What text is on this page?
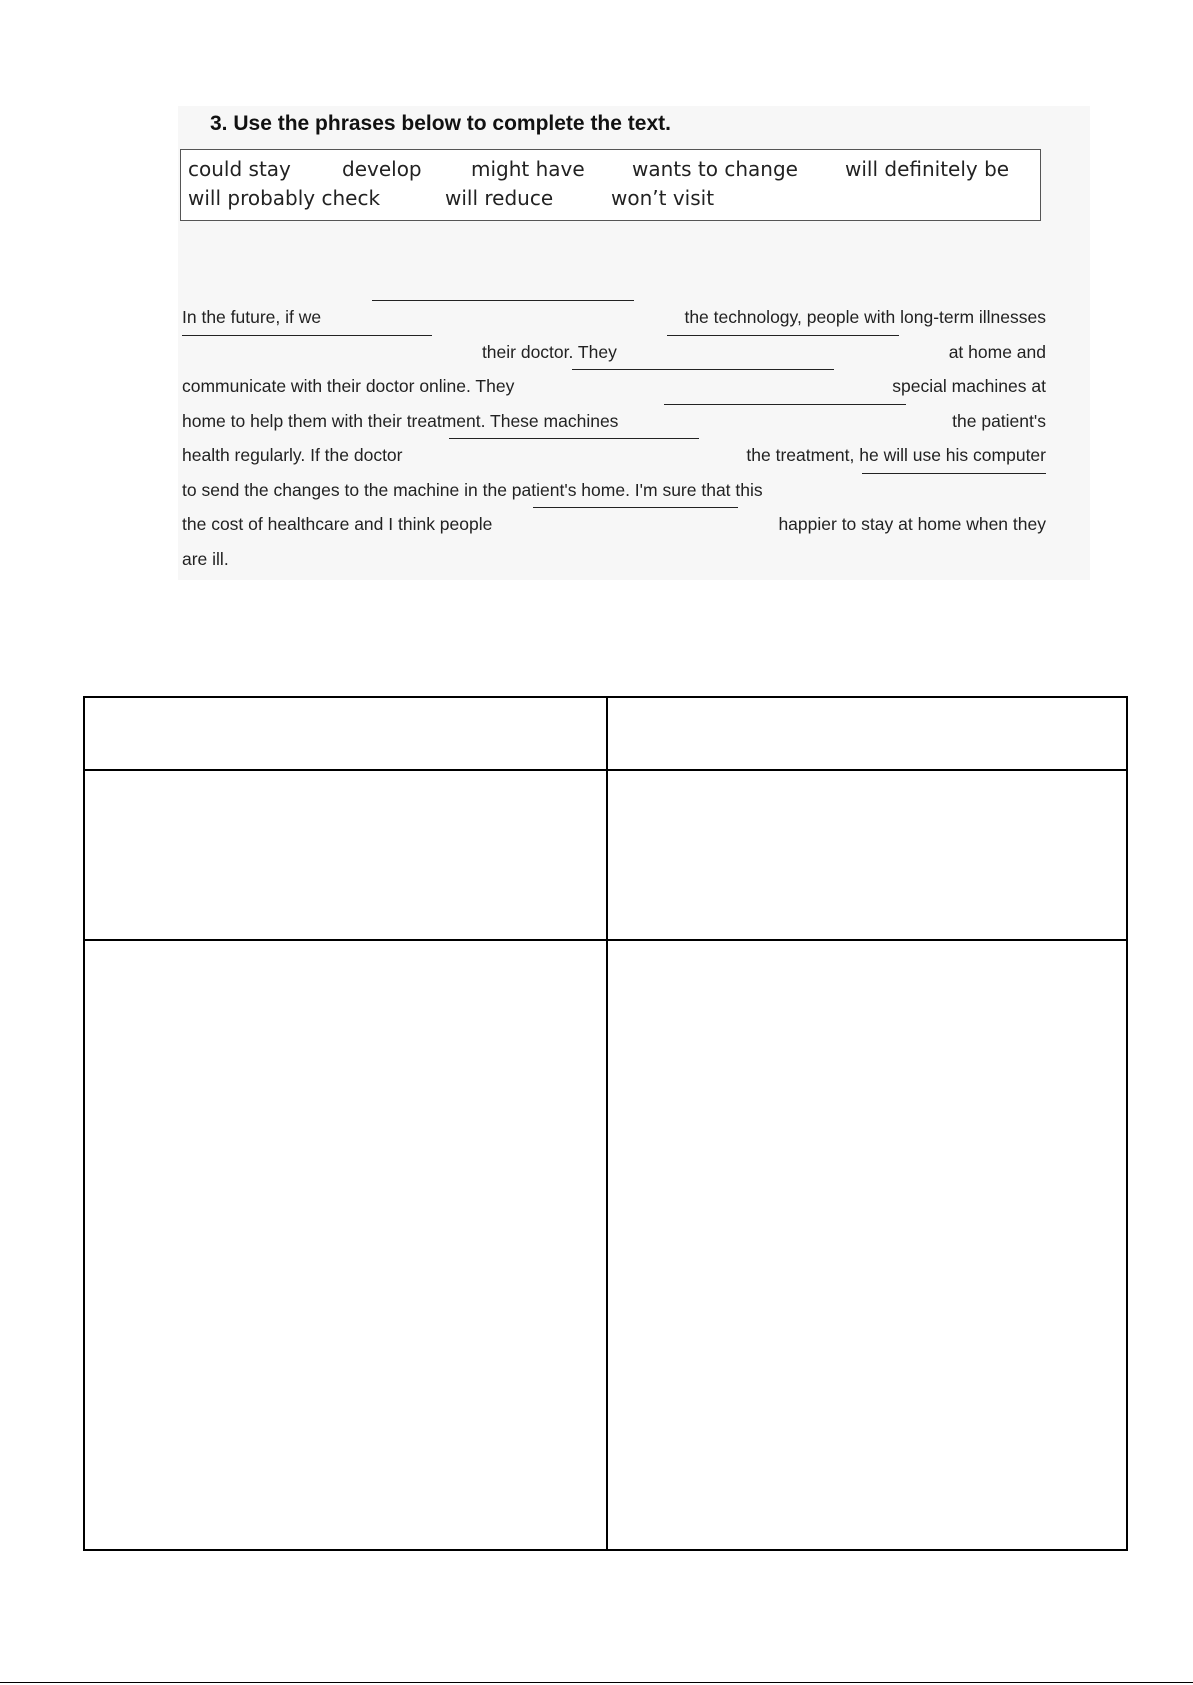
3. Use the phrases below to complete the text.
could stay	develop might have wants to change will definitely be
will probably check	will reduce	won’t visit
In the future, if we	the technology, people with long-term illnesses
their doctor. They	at home and
communicate with their doctor online. They	special machines at
home to help them with their treatment. These machines	the patient's
health regularly. If the doctor	the treatment, he will use his computer
to send the changes to the machine in the patient's home. I'm sure that this
the cost of healthcare and I think people	happier to stay at home when they
are ill.
